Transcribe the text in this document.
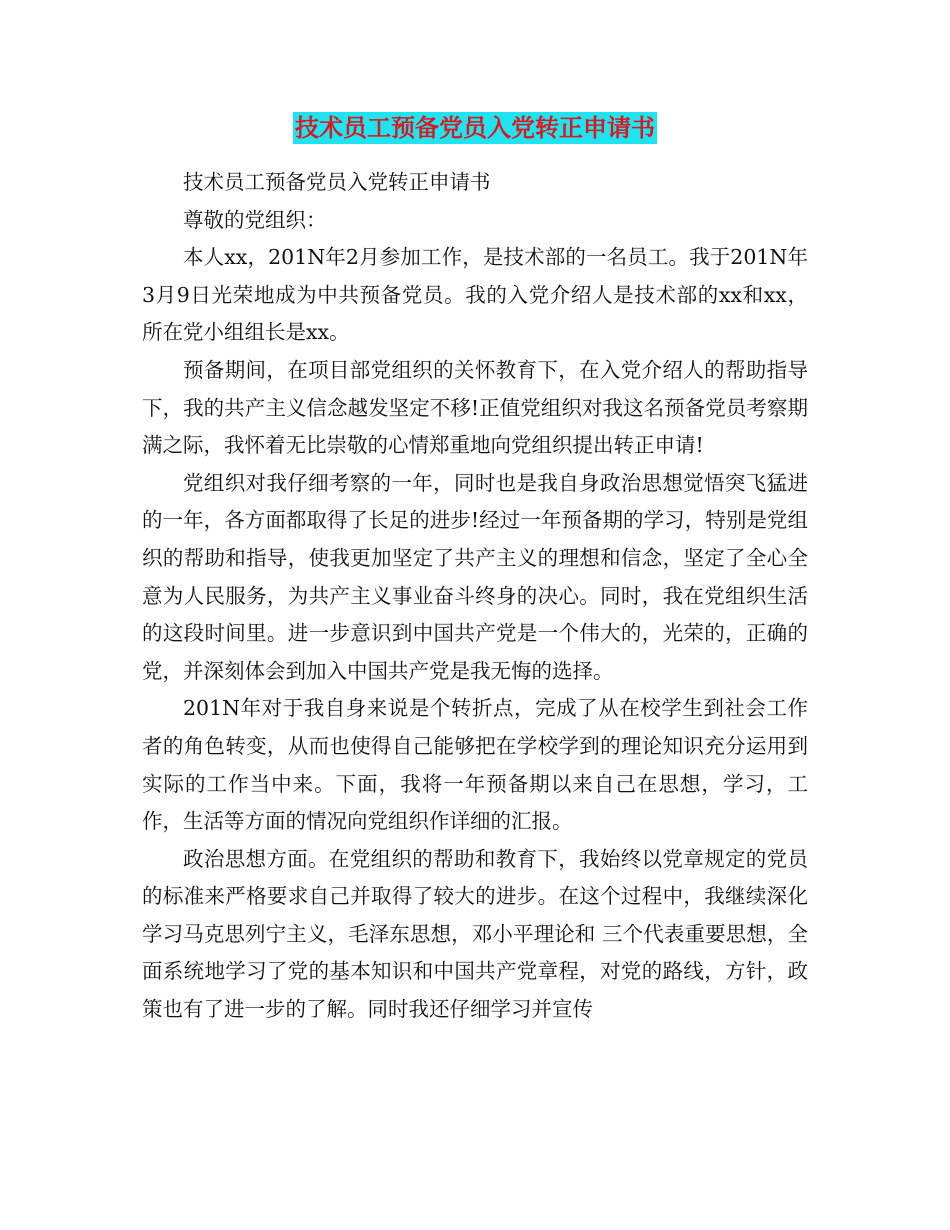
技术员工预备党员入党转正申请书

技术员工预备党员入党转正申请书

尊敬的党组织：

本人xx，201N年2月参加工作，是技术部的一名员工。我于201N年3月9日光荣地成为中共预备党员。我的入党介绍人是技术部的xx和xx，所在党小组组长是xx。

预备期间，在项目部党组织的关怀教育下，在入党介绍人的帮助指导下，我的共产主义信念越发坚定不移!正值党组织对我这名预备党员考察期满之际，我怀着无比崇敬的心情郑重地向党组织提出转正申请!

党组织对我仔细考察的一年，同时也是我自身政治思想觉悟突飞猛进的一年，各方面都取得了长足的进步!经过一年预备期的学习，特别是党组织的帮助和指导，使我更加坚定了共产主义的理想和信念，坚定了全心全意为人民服务，为共产主义事业奋斗终身的决心。同时，我在党组织生活的这段时间里。进一步意识到中国共产党是一个伟大的，光荣的，正确的党，并深刻体会到加入中国共产党是我无悔的选择。

201N年对于我自身来说是个转折点，完成了从在校学生到社会工作者的角色转变，从而也使得自己能够把在学校学到的理论知识充分运用到实际的工作当中来。下面，我将一年预备期以来自己在思想，学习，工作，生活等方面的情况向党组织作详细的汇报。

政治思想方面。在党组织的帮助和教育下，我始终以党章规定的党员的标准来严格要求自己并取得了较大的进步。在这个过程中，我继续深化学习马克思列宁主义，毛泽东思想，邓小平理论和 三个代表重要思想，全面系统地学习了党的基本知识和中国共产党章程，对党的路线，方针，政策也有了进一步的了解。同时我还仔细学习并宣传
